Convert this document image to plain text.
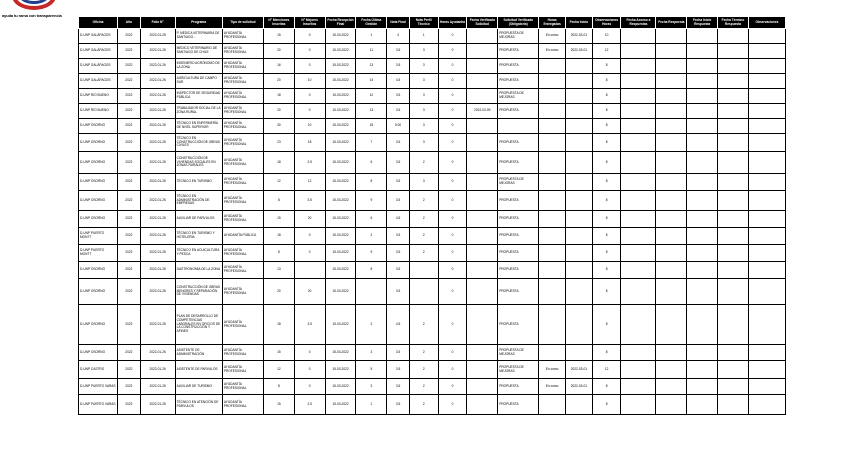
ayuda tu rama con transparencia
Oficina	Año	Folio N°	Programa	Tipo de solicitud	N° Menciones Inscritas	N° Mejores Inscritos	Fecha Recepción Final	Fecha Última Gestión	Nota Final	Nota Perfil Técnico	Horas Ayudantía	Fecha Verificada Solicitud	Solicitud Verificada (Obligatoria)	Horas Entregadas	Fecha Inicio	Observaciones Horas	Fecha Acceso a Respuestas	Fecha Respuesta	Fecha Inicio Respuesta	Fecha Término Respuesta	Observaciones
D-UNP GALÁPAGOS	2022	2022-01-25	P. MEDICA VETERINARIA DE SANTIAGO…	AYUDANTÍA PROFESIONAL	15	0	15-03-2022	1	4	1	0		PROPUESTA DE MEJORAS	En curso	2022-03-01	10					
D-UNP GALÁPAGOS	2022	2022-01-26	MEDICO VETERINARIO DE SANTIAGO DE CHILE	AYUDANTÍA PROFESIONAL	20	0	15-03-2022	11	3.5	3	0		PROPUESTA	En curso	2022-03-01	12					
D-UNP GALÁPAGOS	2022	2022-01-26	INGENIERO AGRÓNOMO DE LA ZONA	AYUDANTÍA PROFESIONAL	16	0	15-03-2022	13	3.5	3	0		PROPUESTA			8					
D-UNP GALÁPAGOS	2022	2022-01-26	AGRICULTURA DE CAMPO SUR	AYUDANTÍA PROFESIONAL	20	10	15-03-2022	14	4.5	3	0		PROPUESTA			8					
D-UNP RIO BUENO	2022	2022-01-26	INSPECTOR DE SEGURIDAD PÚBLICA	AYUDANTÍA PROFESIONAL	18	0	15-03-2022	12	3.5	3	0		PROPUESTA DE MEJORAS			8					
D-UNP RIO BUENO	2022	2022-01-26	TRABAJADOR SOCIAL DE LA ZONA RURAL	AYUDANTÍA PROFESIONAL	20	0	15-03-2022	13	3.5	3	0	2022-03-09	PROPUESTA			8					
D-UNP OSORNO	2022	2022-01-26	TÉCNICO EN ENFERMERÍA DE NIVEL SUPERIOR	AYUDANTÍA PROFESIONAL	30	10	15-03-2022	15	5.00	3	0					8					
D-UNP OSORNO	2022	2022-01-26	TÉCNICO EN CONSTRUCCIÓN DE OBRAS CIVILES	AYUDANTÍA PROFESIONAL	23	18	15-03-2022	7	3.5	3	0		PROPUESTA			8					
D-UNP OSORNO	2022	2022-01-26	CONSTRUCCIÓN DE VIVIENDAS SOCIALES EN ZONAS RURALES	AYUDANTÍA PROFESIONAL	18	2.5	15-03-2022	6	3.5	2	0		PROPUESTA			8					
D-UNP OSORNO	2022	2022-01-26	TÉCNICO EN TURISMO	AYUDANTÍA PROFESIONAL	12	12	15-03-2022	8	3.5	3	0		PROPUESTA DE MEJORAS			8					
D-UNP OSORNO	2022	2022-01-26	TÉCNICO EN ADMINISTRACIÓN DE EMPRESAS	AYUDANTÍA PROFESIONAL	8	3.5	15-03-2022	9	3.5	2	0		PROPUESTA			8					
D-UNP OSORNO	2022	2022-01-26	AUXILIAR DE PARVULOS	AYUDANTÍA PROFESIONAL	15	20	15-03-2022	6	4.5	2	0		PROPUESTA			8					
D-UNP PUERTO MONTT	2022	2022-01-26	TÉCNICO EN TURISMO Y HOTELERÍA	AYUDANTÍA PÚBLICA	18	0	15-03-2022	2	3.5	2	0		PROPUESTA			8					
D-UNP PUERTO MONTT	2022	2022-01-26	TÉCNICO EN ACUICULTURA Y PESCA	AYUDANTÍA PROFESIONAL	8	0	15-03-2022	9	3.5	2	0		PROPUESTA			8					
D-UNP OSORNO	2022	2022-01-26	GASTRONOMÍA DE LA ZONA	AYUDANTÍA PROFESIONAL	13		15-03-2022	8	3.5		0		PROPUESTA			8					
D-UNP OSORNO	2022	2022-01-26	CONSTRUCCIÓN DE OBRAS MENORES Y REPARACIÓN DE VIVIENDAS	AYUDANTÍA PROFESIONAL	20	20	15-03-2022		3.5		0		PROPUESTA			8					
D-UNP OSORNO	2022	2022-01-26	PLAN DE DESARROLLO DE COMPETENCIAS LABORALES EN OFICIOS DE LA CONSTRUCCIÓN Y AFINES	AYUDANTÍA PROFESIONAL	18	3.5	15-03-2022	2	4.5	2	0		PROPUESTA			8					
D-UNP OSORNO	2022	2022-01-26	ASISTENTE DE ADMINISTRACIÓN	AYUDANTÍA PROFESIONAL	15	0	15-03-2022	3	3.5	2	0		PROPUESTA DE MEJORAS			8					
D-UNP CASTRO	2022	2022-01-26	ASISTENTE DE PARVULOS	AYUDANTÍA PROFESIONAL	12	0	15-03-2022	5	3.5	2	0		PROPUESTA DE MEJORAS	En curso	2022-03-01	12					
D-UNP PUERTO VARAS	2022	2022-01-26	AUXILIAR DE TURISMO	AYUDANTÍA PROFESIONAL	8	0	15-03-2022	3	3.5	2	0		PROPUESTA	En curso	2022-03-01	8					
D-UNP PUERTO VARAS	2022	2022-01-26	TÉCNICO EN ATENCIÓN DE PÁRVULOS	AYUDANTÍA PROFESIONAL	15	2.5	15-03-2022	1	3.5	2	0		PROPUESTA			8					
